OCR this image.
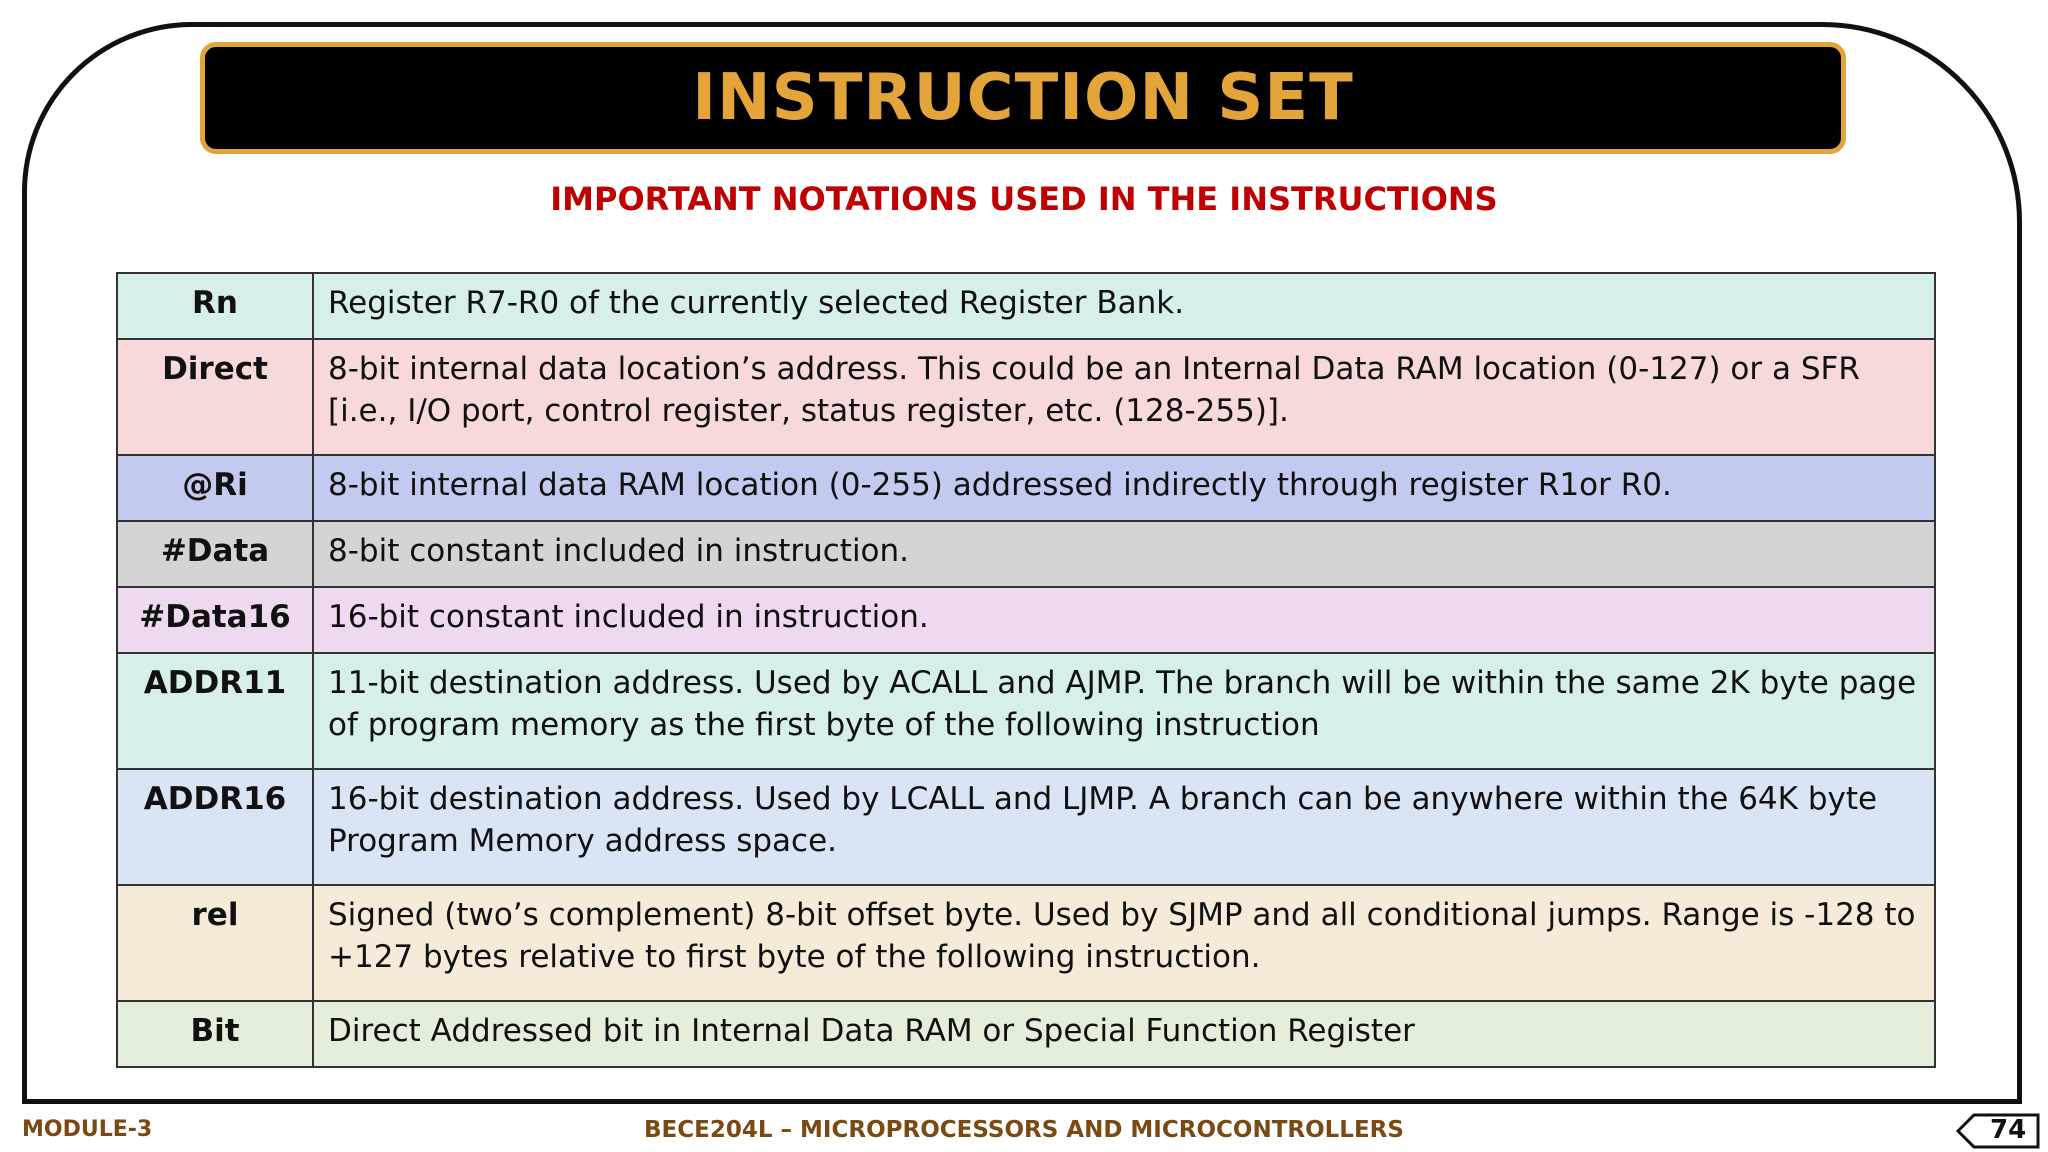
INSTRUCTION SET
IMPORTANT NOTATIONS USED IN THE INSTRUCTIONS
Rn	Register R7-R0 of the currently selected Register Bank.
Direct	8-bit internal data location’s address. This could be an Internal Data RAM location (0-127) or a SFR [i.e., I/O port, control register, status register, etc. (128-255)].
@Ri	8-bit internal data RAM location (0-255) addressed indirectly through register R1or R0.
#Data	8-bit constant included in instruction.
#Data16	16-bit constant included in instruction.
ADDR11	11-bit destination address. Used by ACALL and AJMP. The branch will be within the same 2K byte page of program memory as the first byte of the following instruction
ADDR16	16-bit destination address. Used by LCALL and LJMP. A branch can be anywhere within the 64K byte Program Memory address space.
rel	Signed (two’s complement) 8-bit offset byte. Used by SJMP and all conditional jumps. Range is -128 to +127 bytes relative to first byte of the following instruction.
Bit	Direct Addressed bit in Internal Data RAM or Special Function Register
MODULE-3	BECE204L – MICROPROCESSORS AND MICROCONTROLLERS	74
